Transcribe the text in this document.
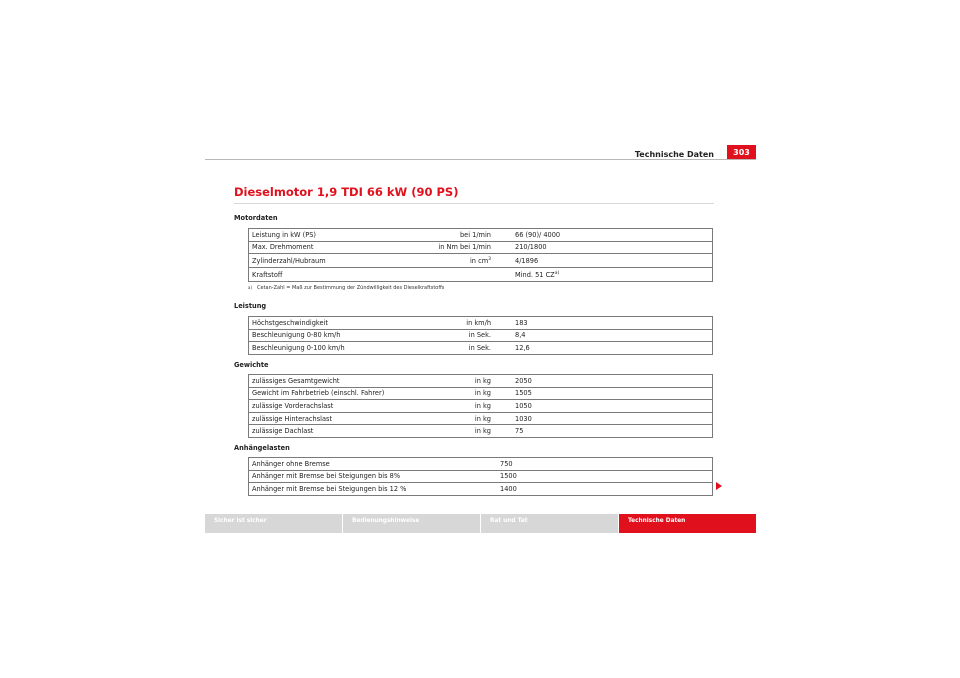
Technische Daten	303
Dieselmotor 1,9 TDI 66 kW (90 PS)
Motordaten
Leistung in kW (PS)	bei 1/min	66 (90)/ 4000
Max. Drehmoment	in Nm bei 1/min	210/1800
Zylinderzahl/Hubraum	in $cm^3$	4/1896
Kraftstoff		Mind. 51 CZ$^{a)}$
$^{a)}$ Cetan-Zahl = Maß zur Bestimmung der Zündwilligkeit des Dieselkraftstoffs
Leistung
Höchstgeschwindigkeit	in km/h	183
Beschleunigung 0-80 km/h	in Sek.	8,4
Beschleunigung 0-100 km/h	in Sek.	12,6
Gewichte
zulässiges Gesamtgewicht	in kg	2050
Gewicht im Fahrbetrieb (einschl. Fahrer)	in kg	1505
zulässige Vorderachslast	in kg	1050
zulässige Hinterachslast	in kg	1030
zulässige Dachlast	in kg	75
Anhängelasten
Anhänger ohne Bremse	750
Anhänger mit Bremse bei Steigungen bis 8%	1500
Anhänger mit Bremse bei Steigungen bis 12 %	1400
Sicher ist sicher	Bedienungshinweise	Rat und Tat	Technische Daten
